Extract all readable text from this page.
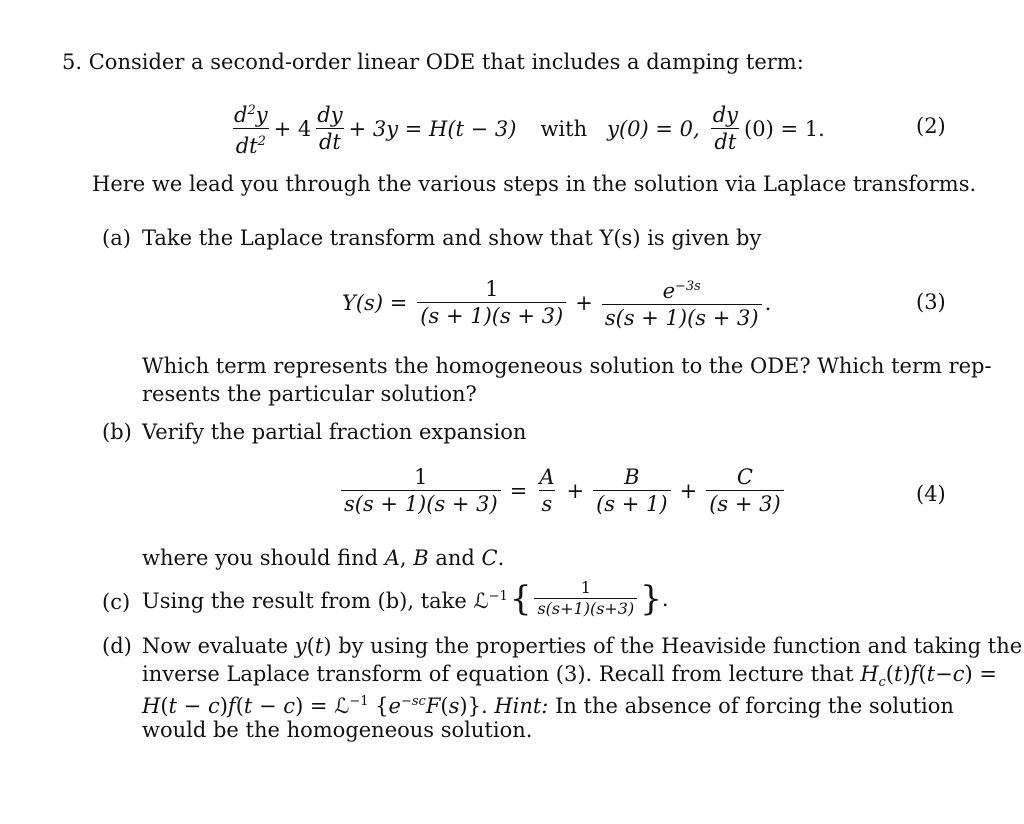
5. Consider a second-order linear ODE that includes a damping term:
$\frac{d^2y}{dt^2} + 4 \frac{dy}{dt} + 3y = H(t - 3)$ with y(0) = 0, $\frac{dy}{dt} (0) = 1$.	(2)
Here we lead you through the various steps in the solution via Laplace transforms.
(a) Take the Laplace transform and show that Y(s) is given by
$Y(s) = \frac{1}{(s + 1)(s + 3)} + \frac{e^{-3s}}{s(s + 1)(s + 3)}$ .	(3)
Which term represents the homogeneous solution to the ODE? Which term rep-
resents the particular solution?
(b) Verify the partial fraction expansion
$\frac{1}{s(s + 1)(s + 3)} = \frac{A}{s} + \frac{B}{(s + 1)} + \frac{C}{(s + 3)}$	(4)
where you should find A, B and C.
(c) Using the result from (b), take ℒ$^{-1}$ { $\frac{1}{s(s+1)(s+3)}$ } .
(d) Now evaluate y(t) by using the properties of the Heaviside function and taking the
inverse Laplace transform of equation (3). Recall from lecture that $H_c(t)f(t-c)$ =
H(t − c)f(t − c) = ℒ$^{-1}$ $\{e^{-sc}F(s)\}$. Hint: In the absence of forcing the solution
would be the homogeneous solution.
